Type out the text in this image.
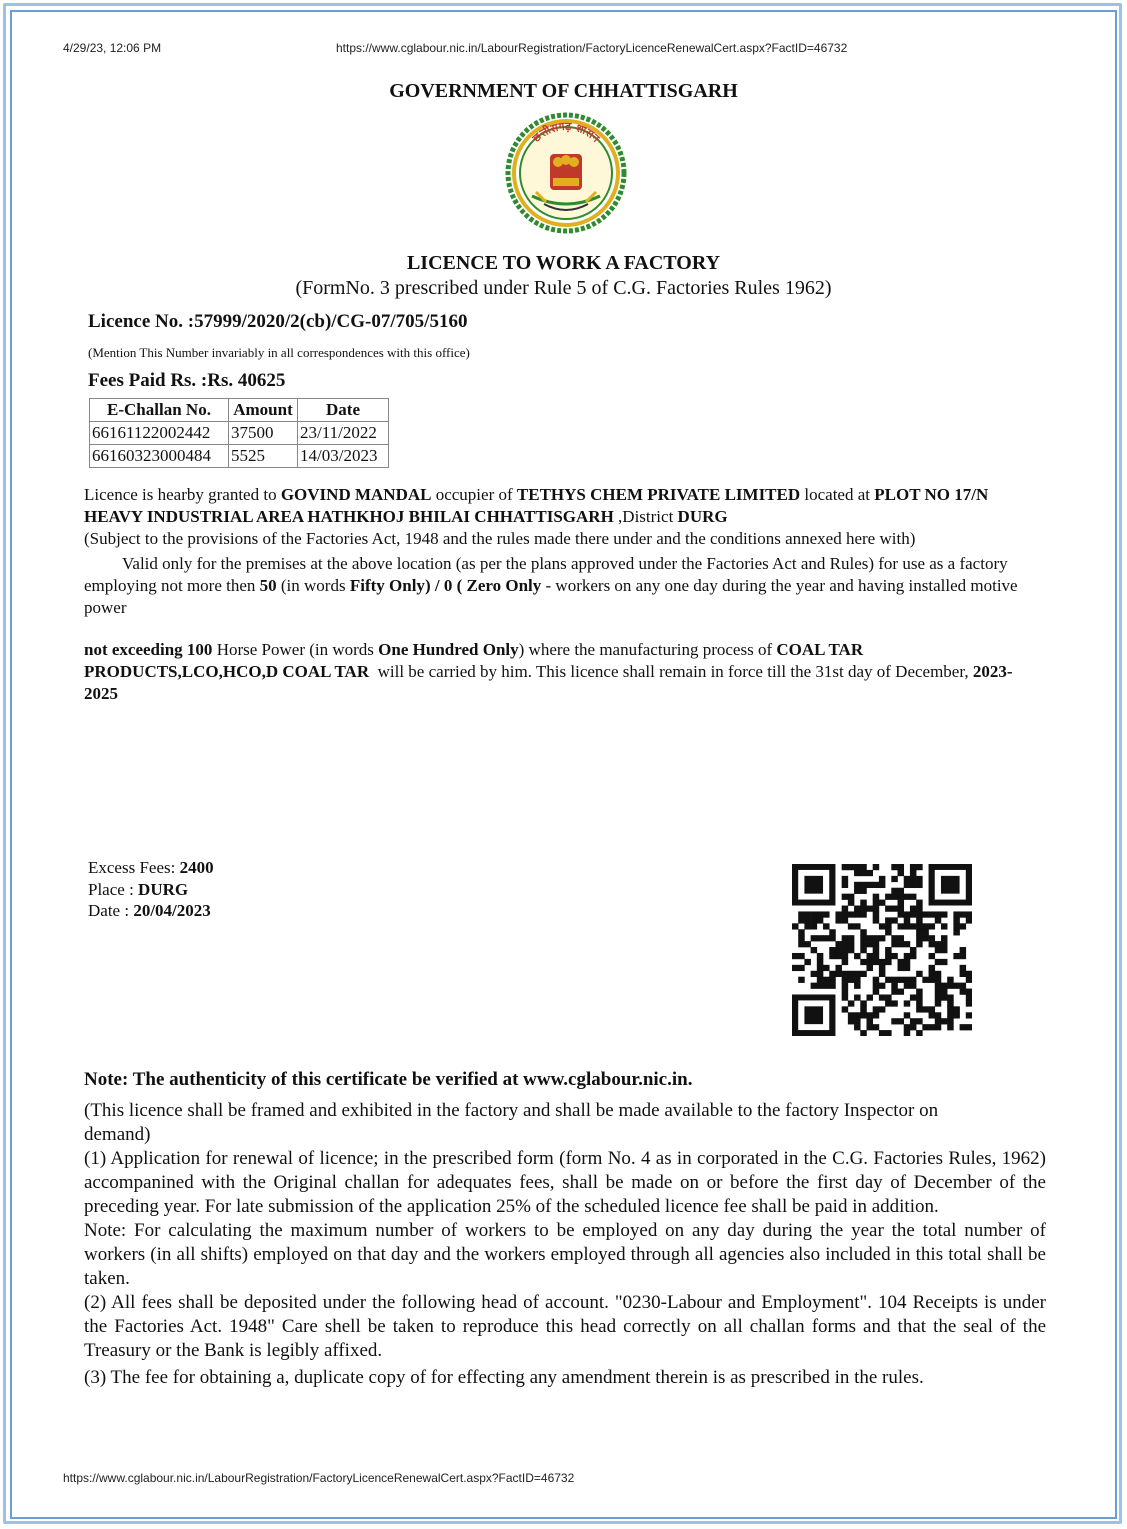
4/29/23, 12:06 PM	https://www.cglabour.nic.in/LabourRegistration/FactoryLicenceRenewalCert.aspx?FactID=46732
GOVERNMENT OF CHHATTISGARH
छत्तीसगढ़ शासन
LICENCE TO WORK A FACTORY
(FormNo. 3 prescribed under Rule 5 of C.G. Factories Rules 1962)
Licence No. :57999/2020/2(cb)/CG-07/705/5160
(Mention This Number invariably in all correspondences with this office)
Fees Paid Rs. :Rs. 40625
E-Challan No.	Amount	Date
66161122002442	37500	23/11/2022
66160323000484	5525	14/03/2023
Licence is hearby granted to GOVIND MANDAL occupier of TETHYS CHEM PRIVATE LIMITED located at PLOT NO 17/N HEAVY INDUSTRIAL AREA HATHKHOJ BHILAI CHHATTISGARH ,District DURG
(Subject to the provisions of the Factories Act, 1948 and the rules made there under and the conditions annexed here with)
Valid only for the premises at the above location (as per the plans approved under the Factories Act and Rules) for use as a factory employing not more then 50 (in words Fifty Only) / 0 ( Zero Only - workers on any one day during the year and having installed motive power
not exceeding 100 Horse Power (in words One Hundred Only) where the manufacturing process of COAL TAR PRODUCTS,LCO,HCO,D COAL TAR  will be carried by him. This licence shall remain in force till the 31st day of December, 2023-2025
Excess Fees: 2400
Place : DURG
Date : 20/04/2023
Note: The authenticity of this certificate be verified at www.cglabour.nic.in.
(This licence shall be framed and exhibited in the factory and shall be made available to the factory Inspector on demand)
(1) Application for renewal of licence; in the prescribed form (form No. 4 as in corporated in the C.G. Factories Rules, 1962) accompanined with the Original challan for adequates fees, shall be made on or before the first day of December of the preceding year. For late submission of the application 25% of the scheduled licence fee shall be paid in addition.
Note: For calculating the maximum number of workers to be employed on any day during the year the total number of workers (in all shifts) employed on that day and the workers employed through all agencies also included in this total shall be taken.
(2) All fees shall be deposited under the following head of account. "0230-Labour and Employment". 104 Receipts is under the Factories Act. 1948" Care shell be taken to reproduce this head correctly on all challan forms and that the seal of the Treasury or the Bank is legibly affixed.
(3) The fee for obtaining a, duplicate copy of for effecting any amendment therein is as prescribed in the rules.
https://www.cglabour.nic.in/LabourRegistration/FactoryLicenceRenewalCert.aspx?FactID=46732
